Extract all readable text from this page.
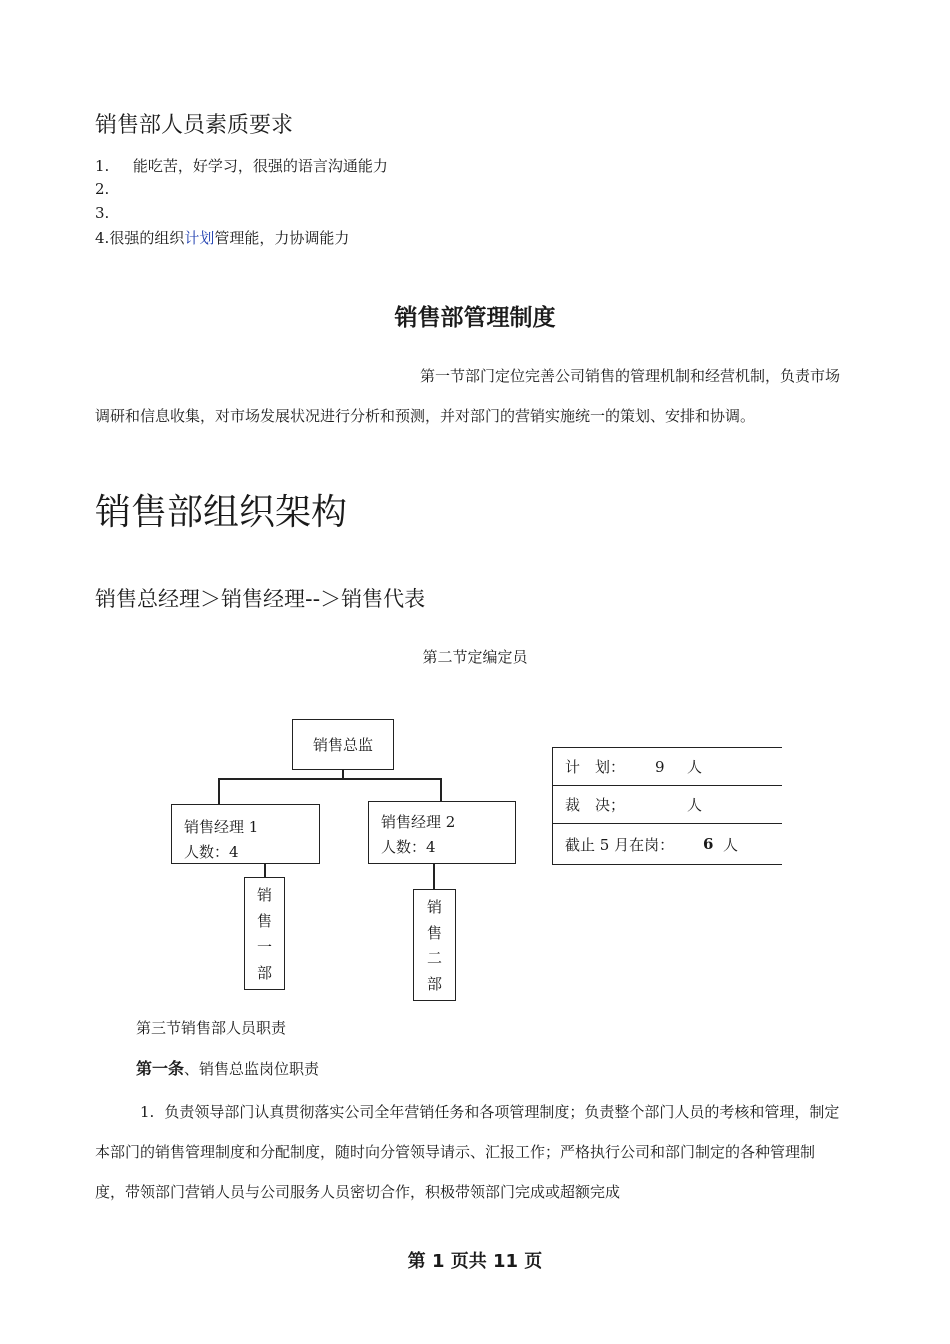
销售部人员素质要求
1. 能吃苦，好学习，很强的语言沟通能力
2.
3.
4.很强的组织计划管理能，力协调能力
销售部管理制度
第一节部门定位完善公司销售的管理机制和经营机制，负责市场调研和信息收集，对市场发展状况进行分析和预测，并对部门的营销实施统一的策划、安排和协调。
销售部组织架构
销售总经理＞销售经理--＞销售代表
第二节定编定员
销售总监
销售经理 1
人数：4
销售经理 2
人数：4
销
售
一
部
销
售
二
部
计　划：	9	人
裁　决；	人
截止 5 月在岗：	6 人
第三节销售部人员职责
第一条、销售总监岗位职责
1. 负责领导部门认真贯彻落实公司全年营销任务和各项管理制度；负责整个部门人员的考核和管理，制定本部门的销售管理制度和分配制度，随时向分管领导请示、汇报工作；严格执行公司和部门制定的各种管理制度，带领部门营销人员与公司服务人员密切合作，积极带领部门完成或超额完成
第 1 页共 11 页
